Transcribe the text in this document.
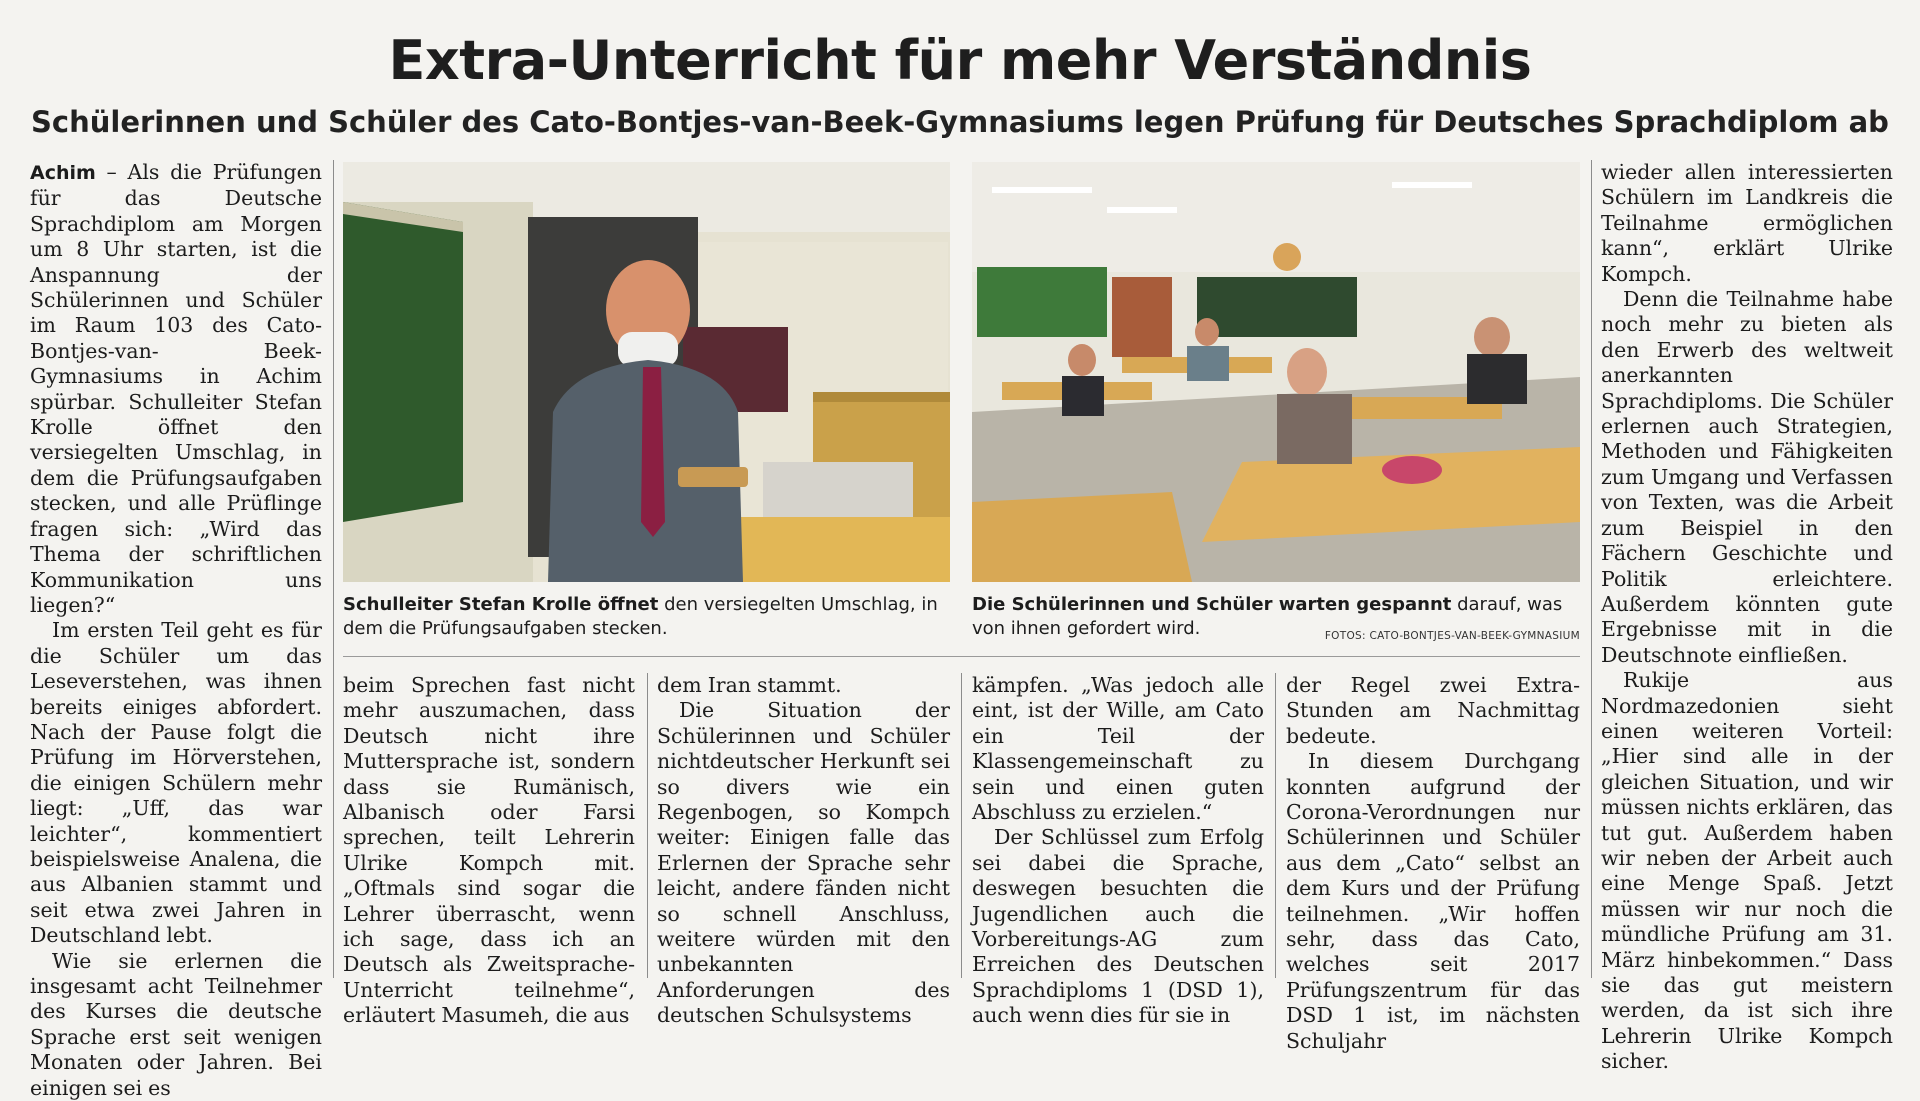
Extra-Unterricht für mehr Verständnis
Schülerinnen und Schüler des Cato-Bontjes-van-Beek-Gymnasiums legen Prüfung für Deutsches Sprachdiplom ab

Achim – Als die Prüfungen für das Deutsche Sprachdiplom am Morgen um 8 Uhr starten, ist die Anspannung der Schülerinnen und Schüler im Raum 103 des Cato-Bontjes-van- Beek-Gymnasiums in Achim spürbar. Schulleiter Stefan Krolle öffnet den versiegelten Umschlag, in dem die Prüfungsaufgaben stecken, und alle Prüflinge fragen sich: „Wird das Thema der schriftlichen Kommunikation uns liegen?“

Im ersten Teil geht es für die Schüler um das Leseverstehen, was ihnen bereits einiges abfordert. Nach der Pause folgt die Prüfung im Hörverstehen, die einigen Schülern mehr liegt: „Uff, das war leichter“, kommentiert beispielsweise Analena, die aus Albanien stammt und seit etwa zwei Jahren in Deutschland lebt.

Wie sie erlernen die insgesamt acht Teilnehmer des Kurses die deutsche Sprache erst seit wenigen Monaten oder Jahren. Bei einigen sei es

Schulleiter Stefan Krolle öffnet den versiegelten Umschlag, in dem die Prüfungsaufgaben stecken.

Die Schülerinnen und Schüler warten gespannt darauf, was von ihnen gefordert wird.	FOTOS: CATO-BONTJES-VAN-BEEK-GYMNASIUM

beim Sprechen fast nicht mehr auszumachen, dass Deutsch nicht ihre Muttersprache ist, sondern dass sie Rumänisch, Albanisch oder Farsi sprechen, teilt Lehrerin Ulrike Kompch mit. „Oftmals sind sogar die Lehrer überrascht, wenn ich sage, dass ich an Deutsch als Zweitsprache-Unterricht teilnehme“, erläutert Masumeh, die aus

dem Iran stammt.

Die Situation der Schülerinnen und Schüler nichtdeutscher Herkunft sei so divers wie ein Regenbogen, so Kompch weiter: Einigen falle das Erlernen der Sprache sehr leicht, andere fänden nicht so schnell Anschluss, weitere würden mit den unbekannten Anforderungen des deutschen Schulsystems

kämpfen. „Was jedoch alle eint, ist der Wille, am Cato ein Teil der Klassengemeinschaft zu sein und einen guten Abschluss zu erzielen.“

Der Schlüssel zum Erfolg sei dabei die Sprache, deswegen besuchten die Jugendlichen auch die Vorbereitungs-AG zum Erreichen des Deutschen Sprachdiploms 1 (DSD 1), auch wenn dies für sie in

der Regel zwei Extra-Stunden am Nachmittag bedeute.

In diesem Durchgang konnten aufgrund der Corona-Verordnungen nur Schülerinnen und Schüler aus dem „Cato“ selbst an dem Kurs und der Prüfung teilnehmen. „Wir hoffen sehr, dass das Cato, welches seit 2017 Prüfungszentrum für das DSD 1 ist, im nächsten Schuljahr

wieder allen interessierten Schülern im Landkreis die Teilnahme ermöglichen kann“, erklärt Ulrike Kompch.

Denn die Teilnahme habe noch mehr zu bieten als den Erwerb des weltweit anerkannten Sprachdiploms. Die Schüler erlernen auch Strategien, Methoden und Fähigkeiten zum Umgang und Verfassen von Texten, was die Arbeit zum Beispiel in den Fächern Geschichte und Politik erleichtere. Außerdem könnten gute Ergebnisse mit in die Deutschnote einfließen.

Rukije aus Nordmazedonien sieht einen weiteren Vorteil: „Hier sind alle in der gleichen Situation, und wir müssen nichts erklären, das tut gut. Außerdem haben wir neben der Arbeit auch eine Menge Spaß. Jetzt müssen wir nur noch die mündliche Prüfung am 31. März hinbekommen.“ Dass sie das gut meistern werden, da ist sich ihre Lehrerin Ulrike Kompch sicher.
